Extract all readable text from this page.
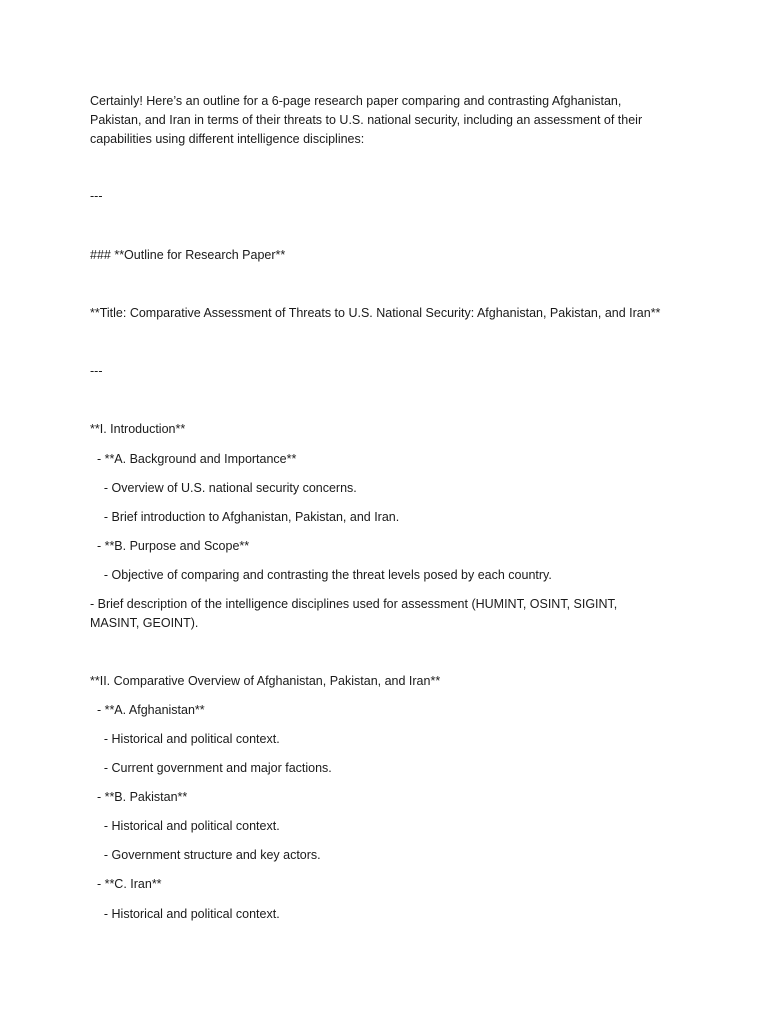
Certainly! Here’s an outline for a 6-page research paper comparing and contrasting Afghanistan, Pakistan, and Iran in terms of their threats to U.S. national security, including an assessment of their capabilities using different intelligence disciplines:
---
### **Outline for Research Paper**
**Title: Comparative Assessment of Threats to U.S. National Security: Afghanistan, Pakistan, and Iran**
---
**I. Introduction**
- **A. Background and Importance**
- Overview of U.S. national security concerns.
- Brief introduction to Afghanistan, Pakistan, and Iran.
- **B. Purpose and Scope**
- Objective of comparing and contrasting the threat levels posed by each country.
- Brief description of the intelligence disciplines used for assessment (HUMINT, OSINT, SIGINT, MASINT, GEOINT).
**II. Comparative Overview of Afghanistan, Pakistan, and Iran**
- **A. Afghanistan**
- Historical and political context.
- Current government and major factions.
- **B. Pakistan**
- Historical and political context.
- Government structure and key actors.
- **C. Iran**
- Historical and political context.
